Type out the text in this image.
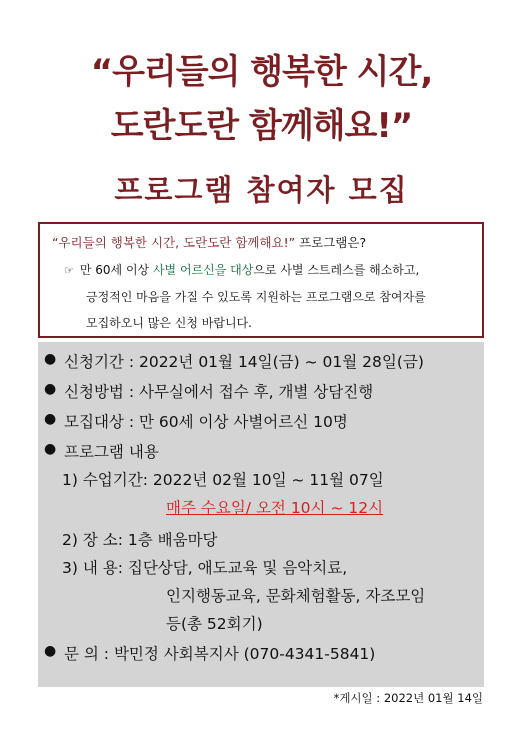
“우리들의 행복한 시간,
도란도란 함께해요!”
프로그램 참여자 모집
“우리들의 행복한 시간, 도란도란 함께해요!” 프로그램은?
☞ 만 60세 이상 사별 어르신을 대상으로 사별 스트레스를 해소하고,
긍정적인 마음을 가질 수 있도록 지원하는 프로그램으로 참여자를
모집하오니 많은 신청 바랍니다.
● 신청기간 : 2022년 01월 14일(금) ~ 01월 28일(금)
● 신청방법 : 사무실에서 접수 후, 개별 상담진행
● 모집대상 : 만 60세 이상 사별어르신 10명
● 프로그램 내용
1) 수업기간: 2022년 02월 10일 ~ 11월 07일
매주 수요일/ 오전 10시 ~ 12시
2) 장 소: 1층 배움마당
3) 내 용: 집단상담, 애도교육 및 음악치료,
인지행동교육, 문화체험활동, 자조모임
등(총 52회기)
● 문 의 : 박민정 사회복지사 (070-4341-5841)
*게시일 : 2022년 01월 14일
